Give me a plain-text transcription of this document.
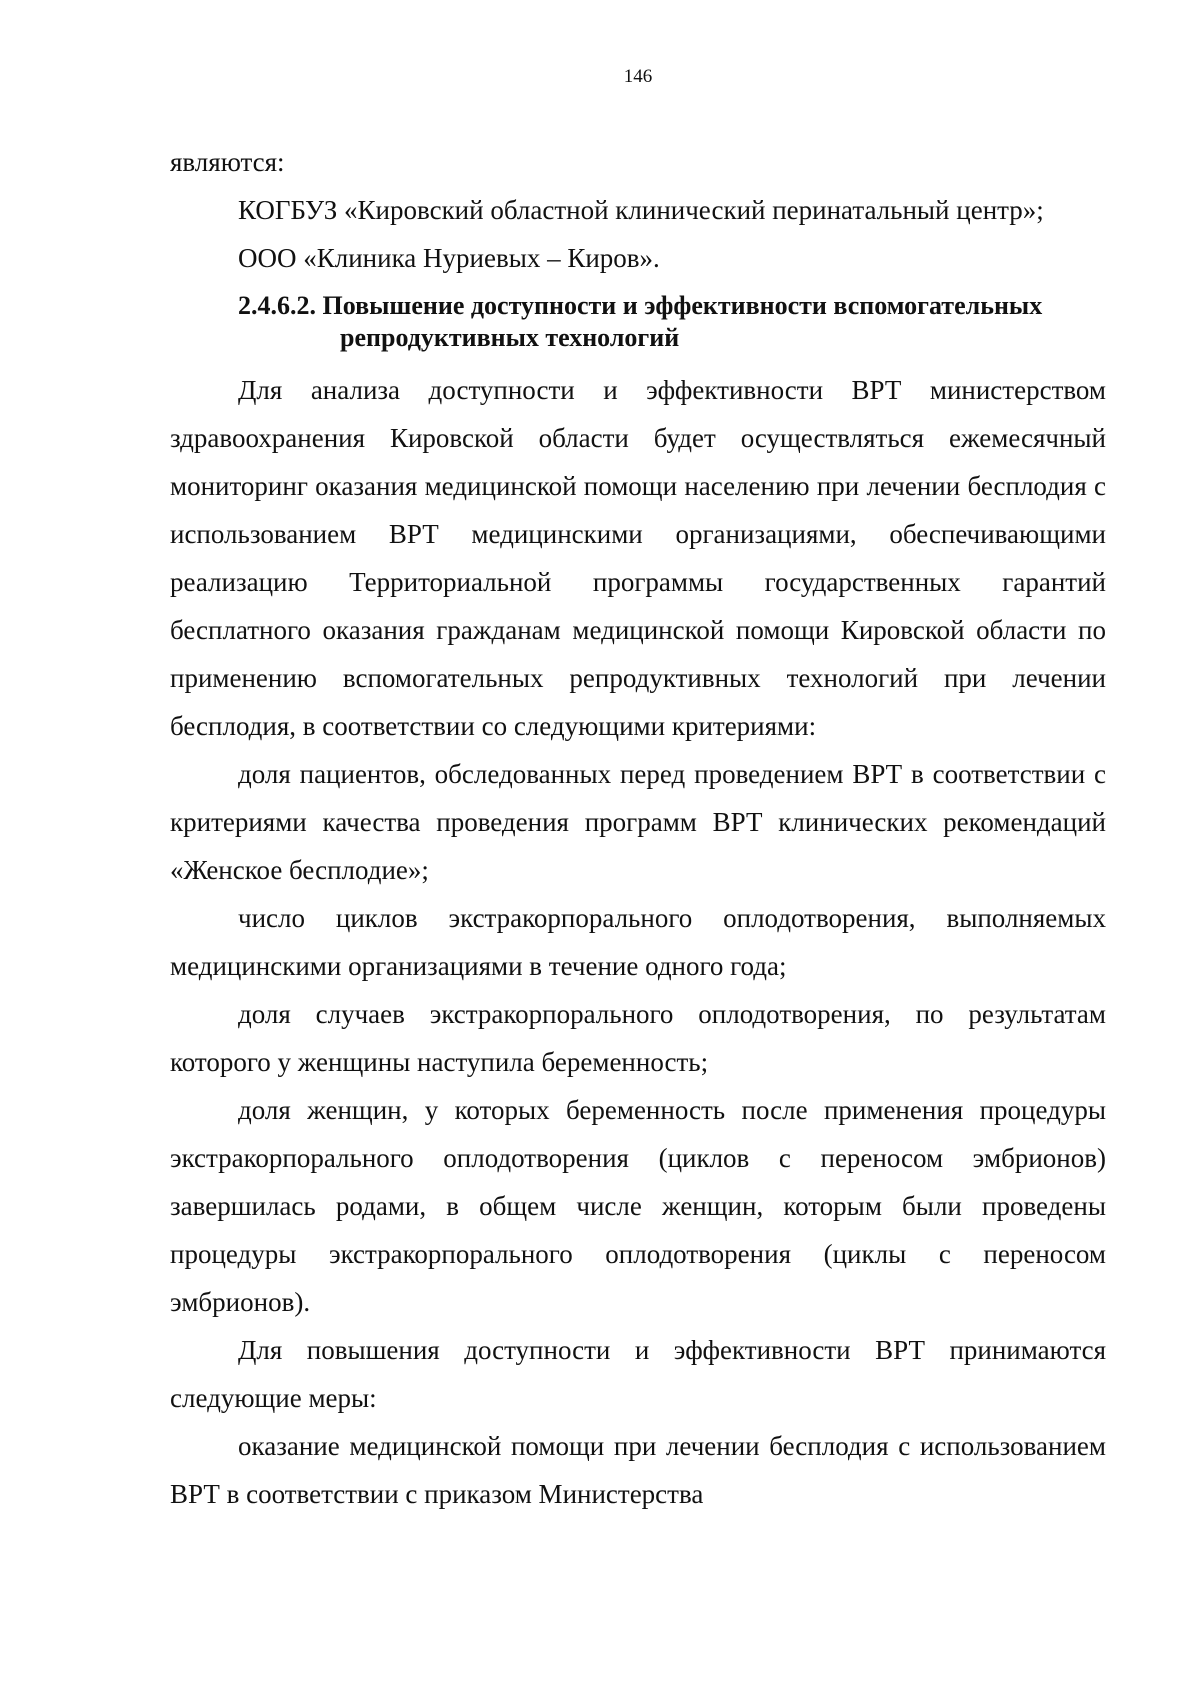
146

являются:

КОГБУЗ «Кировский областной клинический перинатальный центр»;

ООО «Клиника Нуриевых – Киров».

2.4.6.2. Повышение доступности и эффективности вспомогательных
репродуктивных технологий

Для анализа доступности и эффективности ВРТ министерством здравоохранения Кировской области будет осуществляться ежемесячный мониторинг оказания медицинской помощи населению при лечении бесплодия с использованием ВРТ медицинскими организациями, обеспечивающими реализацию Территориальной программы государственных гарантий бесплатного оказания гражданам медицинской помощи Кировской области по применению вспомогательных репродуктивных технологий при лечении бесплодия, в соответствии со следующими критериями:

доля пациентов, обследованных перед проведением ВРТ в соответствии с критериями качества проведения программ ВРТ клинических рекомендаций «Женское бесплодие»;

число циклов экстракорпорального оплодотворения, выполняемых медицинскими организациями в течение одного года;

доля случаев экстракорпорального оплодотворения, по результатам которого у женщины наступила беременность;

доля женщин, у которых беременность после применения процедуры экстракорпорального оплодотворения (циклов с переносом эмбрионов) завершилась родами, в общем числе женщин, которым были проведены процедуры экстракорпорального оплодотворения (циклы с переносом эмбрионов).

Для повышения доступности и эффективности ВРТ принимаются следующие меры:

оказание медицинской помощи при лечении бесплодия с использованием ВРТ в соответствии с приказом Министерства
